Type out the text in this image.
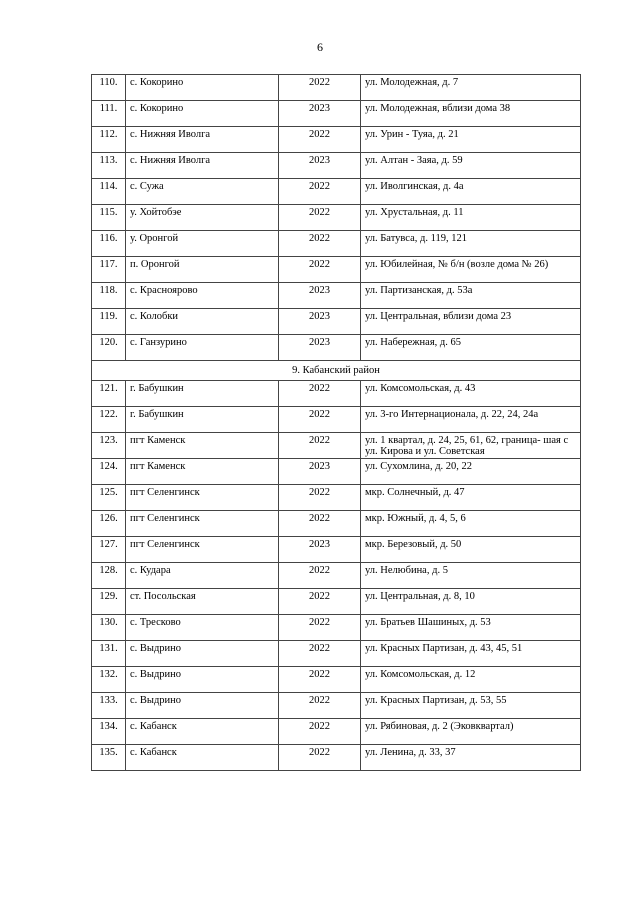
6
110.	с. Кокорино	2022	ул. Молодежная, д. 7
111.	с. Кокорино	2023	ул. Молодежная, вблизи дома 38
112.	с. Нижняя Иволга	2022	ул. Урин - Туяа, д. 21
113.	с. Нижняя Иволга	2023	ул. Алтан - Заяа, д. 59
114.	с. Сужа	2022	ул. Иволгинская, д. 4а
115.	у. Хойтобэе	2022	ул. Хрустальная, д. 11
116.	у. Оронгой	2022	ул. Батувса, д. 119, 121
117.	п. Оронгой	2022	ул. Юбилейная, № б/н (возле дома № 26)
118.	с. Красноярово	2023	ул. Партизанская, д. 53а
119.	с. Колобки	2023	ул. Центральная, вблизи дома 23
120.	с. Ганзурино	2023	ул. Набережная, д. 65
9. Кабанский район			
121.	г. Бабушкин	2022	ул. Комсомольская, д. 43
122.	г. Бабушкин	2022	ул. 3-го Интернационала, д. 22, 24, 24а
123.	пгт Каменск	2022	ул. 1 квартал, д. 24, 25, 61, 62, граница- шая с ул. Кирова и ул. Советская
124.	пгт Каменск	2023	ул. Сухомлина, д. 20, 22
125.	пгт Селенгинск	2022	мкр. Солнечный, д. 47
126.	пгт Селенгинск	2022	мкр. Южный, д. 4, 5, 6
127.	пгт Селенгинск	2023	мкр. Березовый, д. 50
128.	с. Кудара	2022	ул. Нелюбина, д. 5
129.	ст. Посольская	2022	ул. Центральная, д. 8, 10
130.	с. Тресково	2022	ул. Братьев Шашиных, д. 53
131.	с. Выдрино	2022	ул. Красных Партизан, д. 43, 45, 51
132.	с. Выдрино	2022	ул. Комсомольская, д. 12
133.	с. Выдрино	2022	ул. Красных Партизан, д. 53, 55
134.	с. Кабанск	2022	ул. Рябиновая, д. 2 (Эковквартал)
135.	с. Кабанск	2022	ул. Ленина, д. 33, 37
